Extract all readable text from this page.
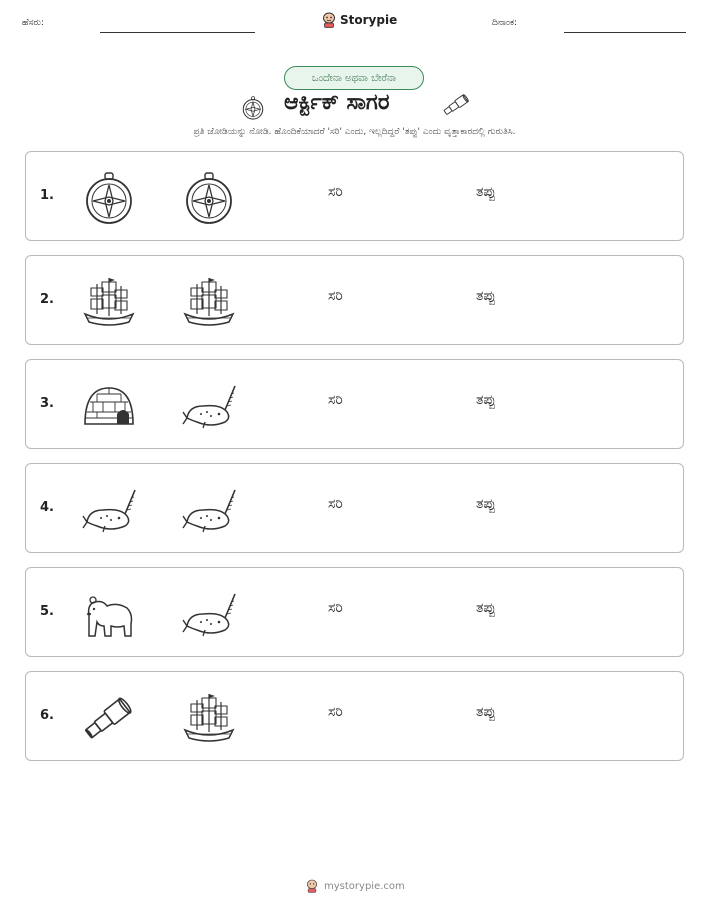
ಹೆಸರು:	Storypie	ದಿನಾಂಕ:
ಒಂದೇನಾ ಅಥವಾ ಬೇರೆನಾ
ಆರ್ಕ್ಟಿಕ್ ಸಾಗರ
ಪ್ರತಿ ಜೋಡಿಯನ್ನು ನೋಡಿ. ಹೊಂದಿಕೆಯಾದರೆ 'ಸರಿ' ಎಂದು, ಇಲ್ಲದಿದ್ದರೆ 'ತಪ್ಪು' ಎಂದು ವೃತ್ತಾಕಾರದಲ್ಲಿ ಗುರುತಿಸಿ.
1.	ಸರಿ	ತಪ್ಪು
2.	ಸರಿ	ತಪ್ಪು
3.	ಸರಿ	ತಪ್ಪು
4.	ಸರಿ	ತಪ್ಪು
5.	ಸರಿ	ತಪ್ಪು
6.	ಸರಿ	ತಪ್ಪು
mystorypie.com
